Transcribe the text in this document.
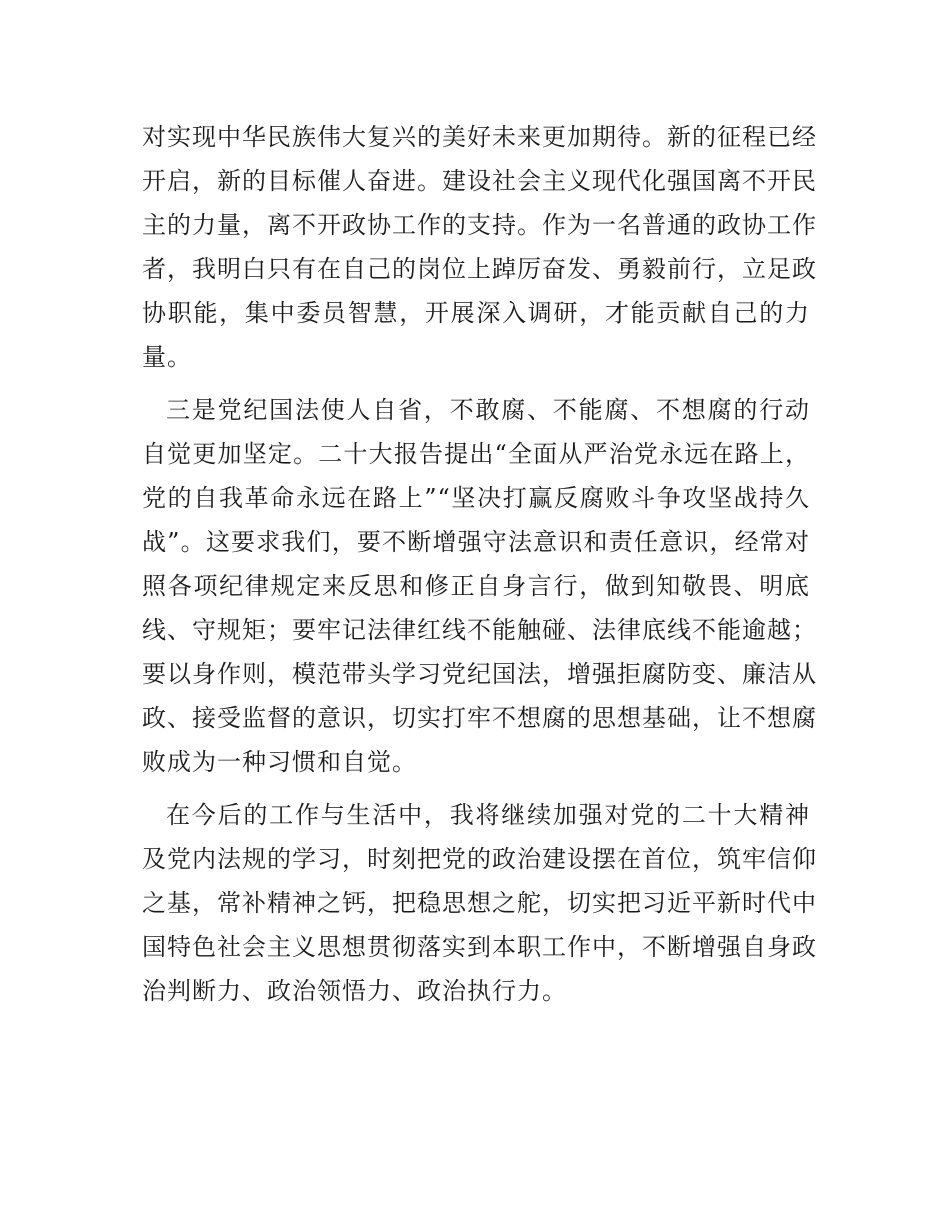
对实现中华民族伟大复兴的美好未来更加期待。新的征程已经
开启，新的目标催人奋进。建设社会主义现代化强国离不开民
主的力量，离不开政协工作的支持。作为一名普通的政协工作
者，我明白只有在自己的岗位上踔厉奋发、勇毅前行，立足政
协职能，集中委员智慧，开展深入调研，才能贡献自己的力
量。
三是党纪国法使人自省，不敢腐、不能腐、不想腐的行动
自觉更加坚定。二十大报告提出“全面从严治党永远在路上，
党的自我革命永远在路上”“坚决打赢反腐败斗争攻坚战持久
战”。这要求我们，要不断增强守法意识和责任意识，经常对
照各项纪律规定来反思和修正自身言行，做到知敬畏、明底
线、守规矩；要牢记法律红线不能触碰、法律底线不能逾越；
要以身作则，模范带头学习党纪国法，增强拒腐防变、廉洁从
政、接受监督的意识，切实打牢不想腐的思想基础，让不想腐
败成为一种习惯和自觉。
在今后的工作与生活中，我将继续加强对党的二十大精神
及党内法规的学习，时刻把党的政治建设摆在首位，筑牢信仰
之基，常补精神之钙，把稳思想之舵，切实把习近平新时代中
国特色社会主义思想贯彻落实到本职工作中，不断增强自身政
治判断力、政治领悟力、政治执行力。
